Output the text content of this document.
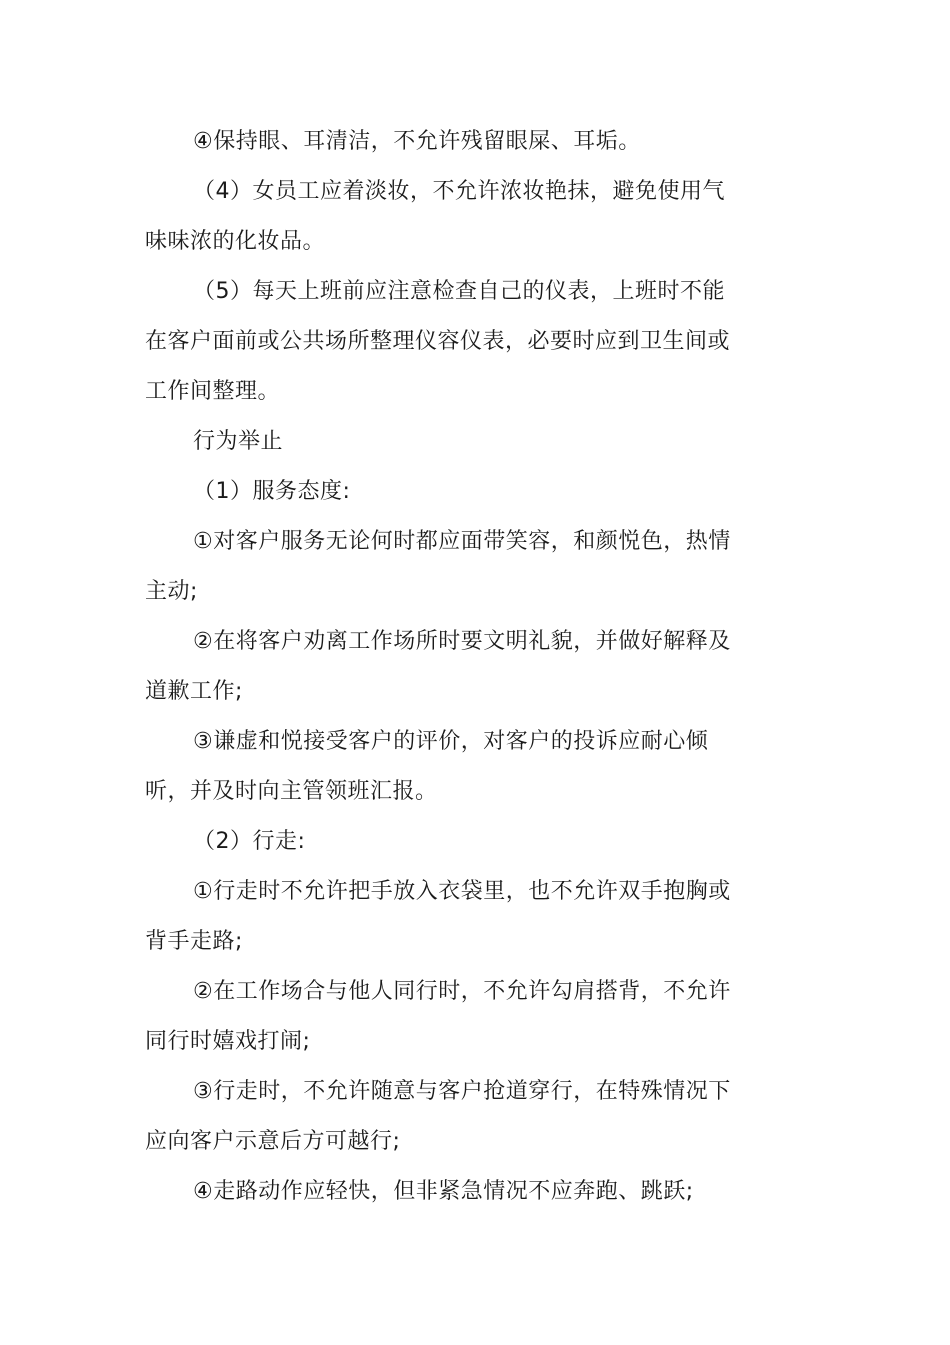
④保持眼、耳清洁，不允许残留眼屎、耳垢。
（4）女员工应着淡妆，不允许浓妆艳抹，避免使用气
味味浓的化妆品。
（5）每天上班前应注意检查自己的仪表，上班时不能
在客户面前或公共场所整理仪容仪表，必要时应到卫生间或
工作间整理。
行为举止
（1）服务态度:
①对客户服务无论何时都应面带笑容，和颜悦色，热情
主动;
②在将客户劝离工作场所时要文明礼貌，并做好解释及
道歉工作;
③谦虚和悦接受客户的评价，对客户的投诉应耐心倾
听，并及时向主管领班汇报。
（2）行走:
①行走时不允许把手放入衣袋里，也不允许双手抱胸或
背手走路;
②在工作场合与他人同行时，不允许勾肩搭背，不允许
同行时嬉戏打闹;
③行走时，不允许随意与客户抢道穿行，在特殊情况下
应向客户示意后方可越行;
④走路动作应轻快，但非紧急情况不应奔跑、跳跃;
